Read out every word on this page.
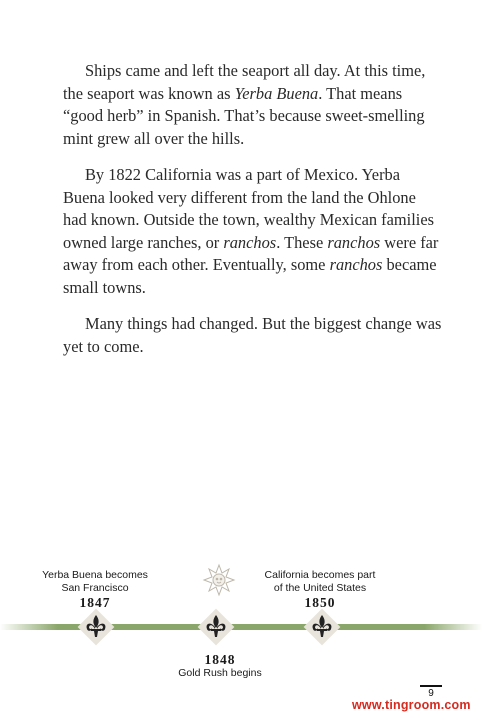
Ships came and left the seaport all day. At this time, the seaport was known as Yerba Buena. That means “good herb” in Spanish. That’s because sweet-smelling mint grew all over the hills.

By 1822 California was a part of Mexico. Yerba Buena looked very different from the land the Ohlone had known. Outside the town, wealthy Mexican families owned large ranches, or ranchos. These ranchos were far away from each other. Eventually, some ranchos became small towns.

Many things had changed. But the biggest change was yet to come.

Yerba Buena becomes
San Francisco
1847
California becomes part
of the United States
1850
1848
Gold Rush begins
9
www.tingroom.com
